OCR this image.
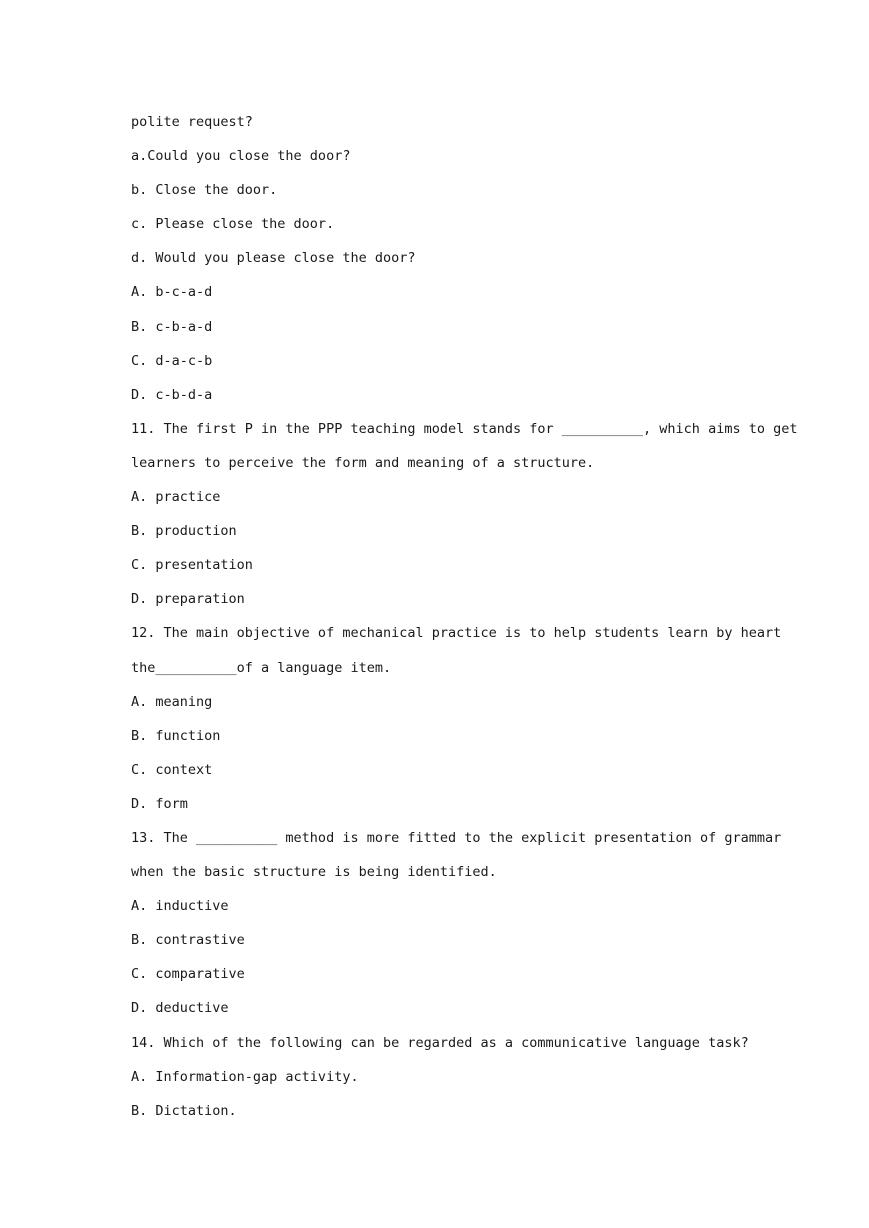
polite request?
a.Could you close the door?
b. Close the door.
c. Please close the door.
d. Would you please close the door?
A. b-c-a-d
B. c-b-a-d
C. d-a-c-b
D. c-b-d-a
11. The first P in the PPP teaching model stands for __________, which aims to get
learners to perceive the form and meaning of a structure.
A. practice
B. production
C. presentation
D. preparation
12. The main objective of mechanical practice is to help students learn by heart
the__________of a language item.
A. meaning
B. function
C. context
D. form
13. The __________ method is more fitted to the explicit presentation of grammar
when the basic structure is being identified.
A. inductive
B. contrastive
C. comparative
D. deductive
14. Which of the following can be regarded as a communicative language task?
A. Information-gap activity.
B. Dictation.
